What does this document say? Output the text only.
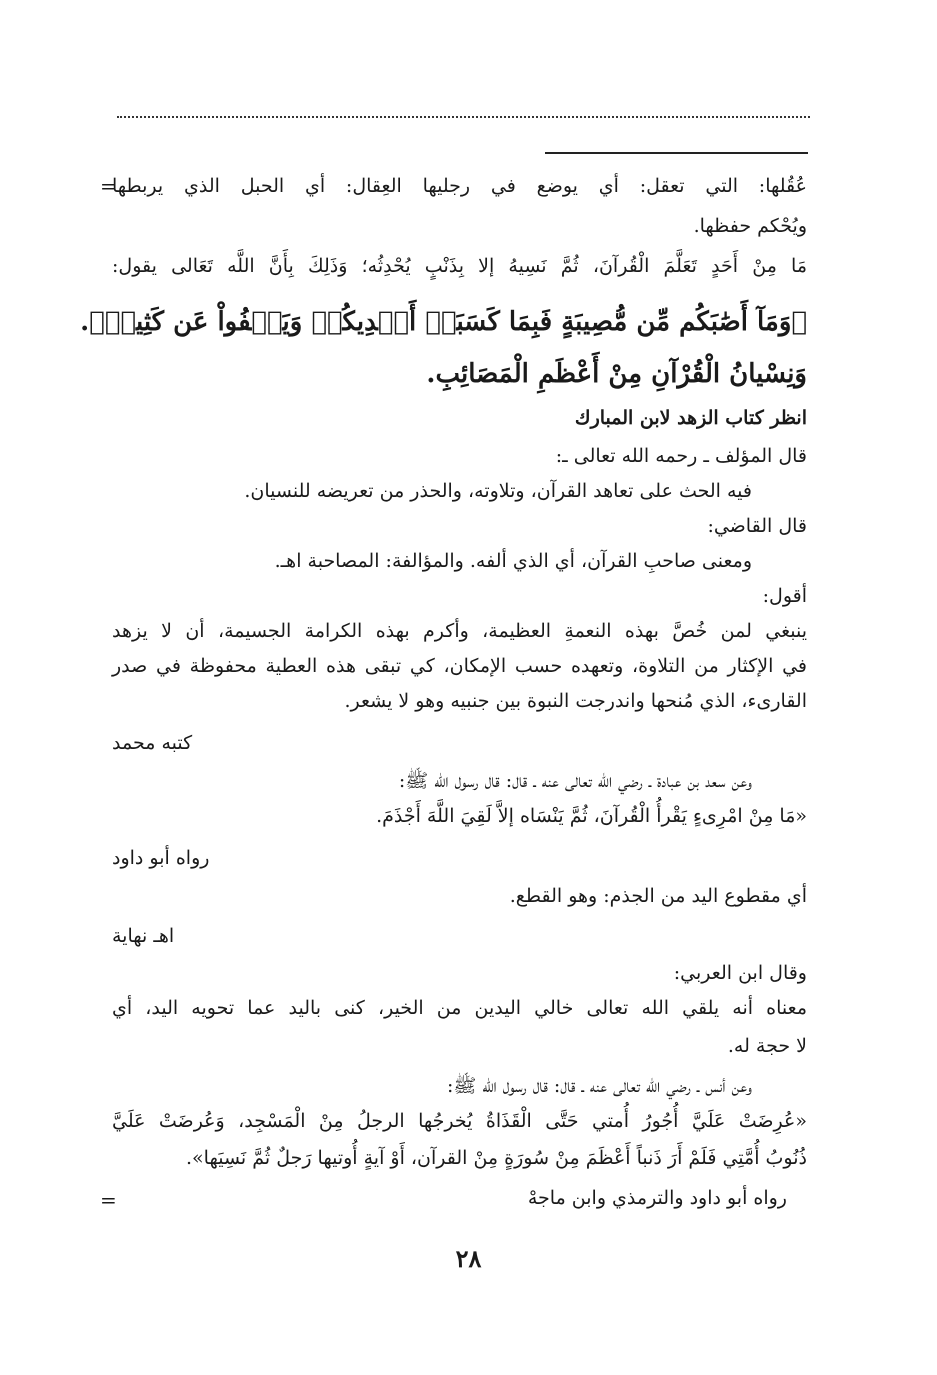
=
عُقُلها: التي تعقل: أي يوضع في رجليها العِقال: أي الحبل الذي يربطها
ويُحْكم حفظها.
مَا مِنْ أَحَدٍ تَعَلَّمَ الْقُرآنَ، ثُمَّ نَسِيهُ إلا بِذَنْبٍ يُحْدِثُه؛ وَذَلِكَ بِأَنَّ اللَّه تَعَالى يقول:
﴿وَمَآ أَصَٰبَكُم مِّن مُّصِيبَةٍ فَبِمَا كَسَبَتۡ أَيۡدِيكُمۡ وَيَعۡفُواْ عَن كَثِيرٖ﴾.
وَنِسْيانُ الْقُرْآنِ مِنْ أَعْظَمِ الْمَصَائِبِ.
انظر كتاب الزهد لابن المبارك
قال المؤلف ـ رحمه الله تعالى ـ:
فيه الحث على تعاهد القرآن، وتلاوته، والحذر من تعريضه للنسيان.
قال القاضي:
ومعنى صاحبِ القرآن، أي الذي ألفه. والمؤالفة: المصاحبة اهـ.
أقول:
ينبغي لمن خُصَّ بهذه النعمةِ العظيمة، وأكرم بهذه الكرامة الجسيمة، أن لا يزهد
في الإكثار من التلاوة، وتعهده حسب الإمكان، كي تبقى هذه العطية محفوظة في صدر
القارىء، الذي مُنحها واندرجت النبوة بين جنبيه وهو لا يشعر.
كتبه محمد
وعن سعد بن عبادة ـ رضي الله تعالى عنه ـ قال: قال رسول الله ﷺ:
«مَا مِنْ امْرِىءٍ يَقْرأُ الْقُرآنَ، ثُمَّ يَنْسَاه إلاَّ لَقِيَ اللَّهَ أَجْذَمَ.
رواه أبو داود
أي مقطوع اليد من الجذم: وهو القطع.
اهـ نهاية
وقال ابن العربي:
معناه أنه يلقي الله تعالى خالي اليدين من الخير، كنى باليد عما تحويه اليد، أي
لا حجة له.
وعن أنس ـ رضي الله تعالى عنه ـ قال: قال رسول الله ﷺ:
«عُرِضَتْ عَلَيَّ أُجُورُ أُمتي حَتَّى الْقَذَاةُ يُخرجُها الرجلُ مِنْ الْمَسْجِد، وَعُرضَتْ عَلَيَّ
ذُنُوبُ أُمَّتِي فَلَمْ أَرَ ذَنباً أَعْظَمَ مِنْ سُورَةٍ مِنْ القرآن، أَوْ آيةٍ أُوتيها رَجلٌ ثُمَّ نَسِيَها».
رواه أبو داود والترمذي وابن ماجهْ
=
٢٨
